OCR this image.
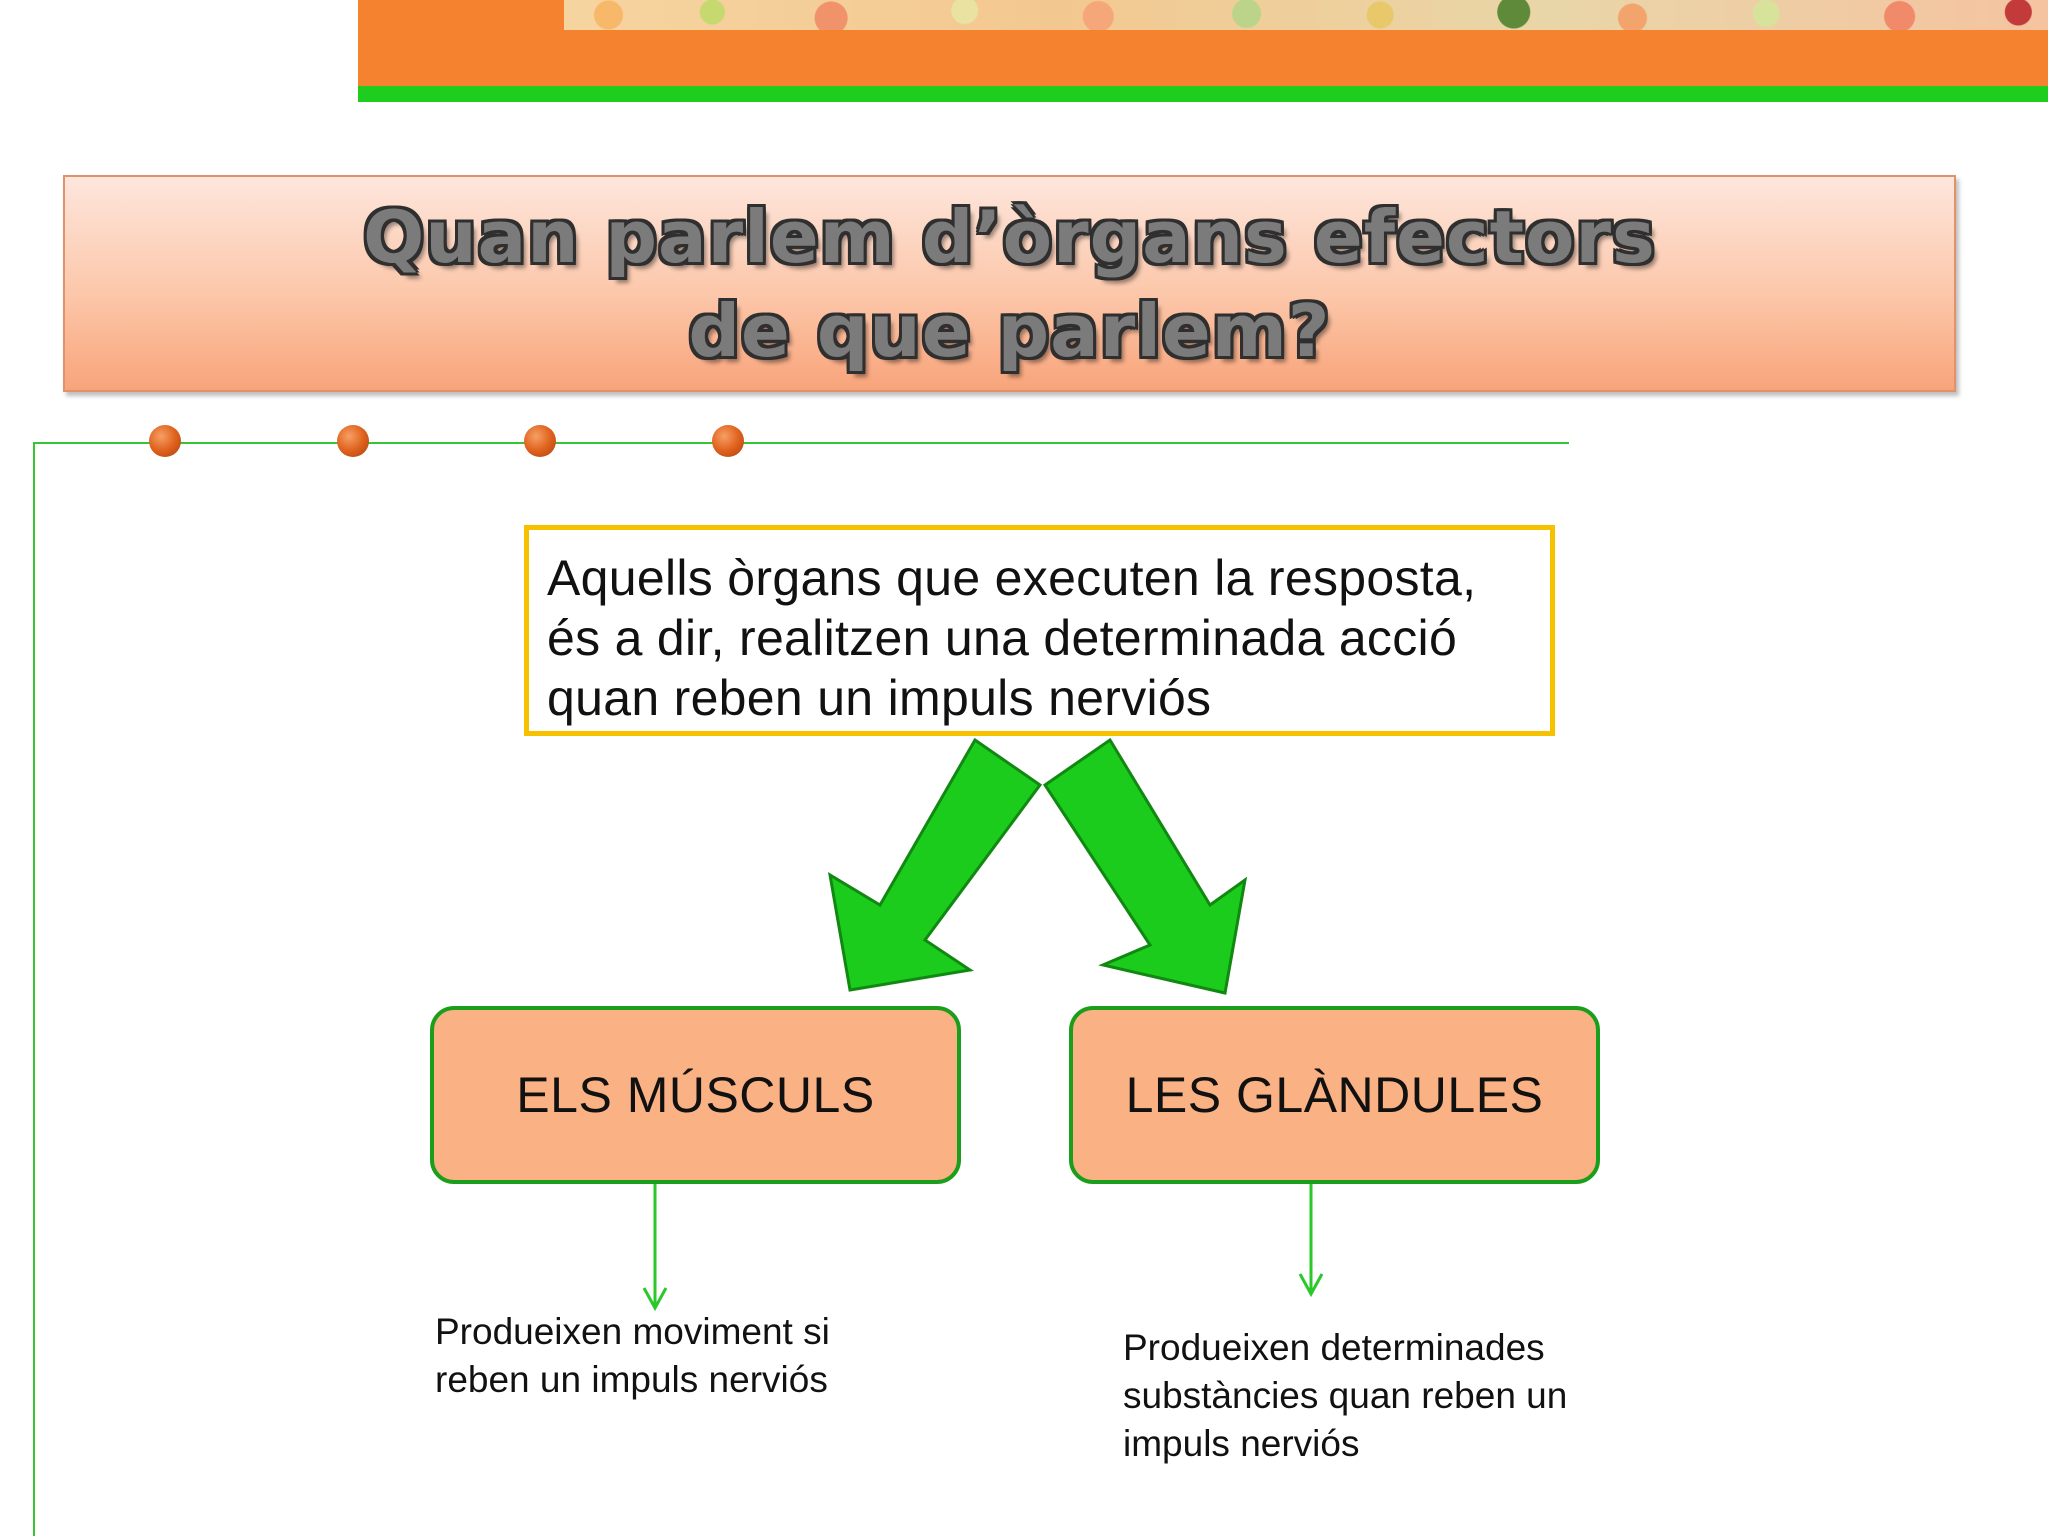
Quan parlem d’òrgans efectors
de que parlem?
Aquells òrgans que executen la resposta,
és a dir, realitzen una determinada acció
quan reben un impuls nerviós
ELS MÚSCULS	LES GLÀNDULES
Produeixen moviment si
reben un impuls nerviós
Produeixen determinades
substàncies quan reben un
impuls nerviós
